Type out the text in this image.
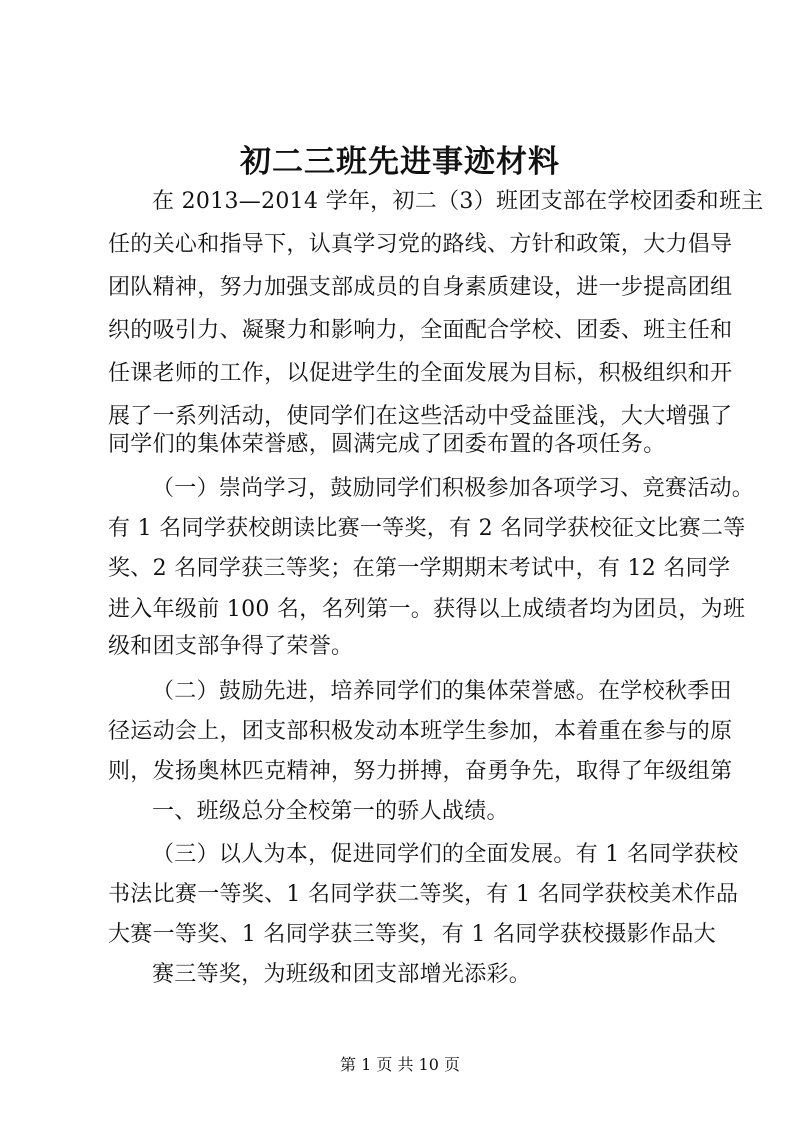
初二三班先进事迹材料
在 2013—2014 学年，初二（3）班团支部在学校团委和班主
任的关心和指导下，认真学习党的路线、方针和政策，大力倡导
团队精神，努力加强支部成员的自身素质建设，进一步提高团组
织的吸引力、凝聚力和影响力，全面配合学校、团委、班主任和
任课老师的工作，以促进学生的全面发展为目标，积极组织和开
展了一系列活动，使同学们在这些活动中受益匪浅，大大增强了
同学们的集体荣誉感，圆满完成了团委布置的各项任务。
（一）崇尚学习，鼓励同学们积极参加各项学习、竞赛活动。
有 1 名同学获校朗读比赛一等奖，有 2 名同学获校征文比赛二等
奖、2 名同学获三等奖；在第一学期期末考试中，有 12 名同学
进入年级前 100 名，名列第一。获得以上成绩者均为团员，为班
级和团支部争得了荣誉。
（二）鼓励先进，培养同学们的集体荣誉感。在学校秋季田
径运动会上，团支部积极发动本班学生参加，本着重在参与的原
则，发扬奥林匹克精神，努力拼搏，奋勇争先，取得了年级组第
一、班级总分全校第一的骄人战绩。
（三）以人为本，促进同学们的全面发展。有 1 名同学获校
书法比赛一等奖、1 名同学获二等奖，有 1 名同学获校美术作品
大赛一等奖、1 名同学获三等奖，有 1 名同学获校摄影作品大
赛三等奖，为班级和团支部增光添彩。
第 1 页 共 10 页
